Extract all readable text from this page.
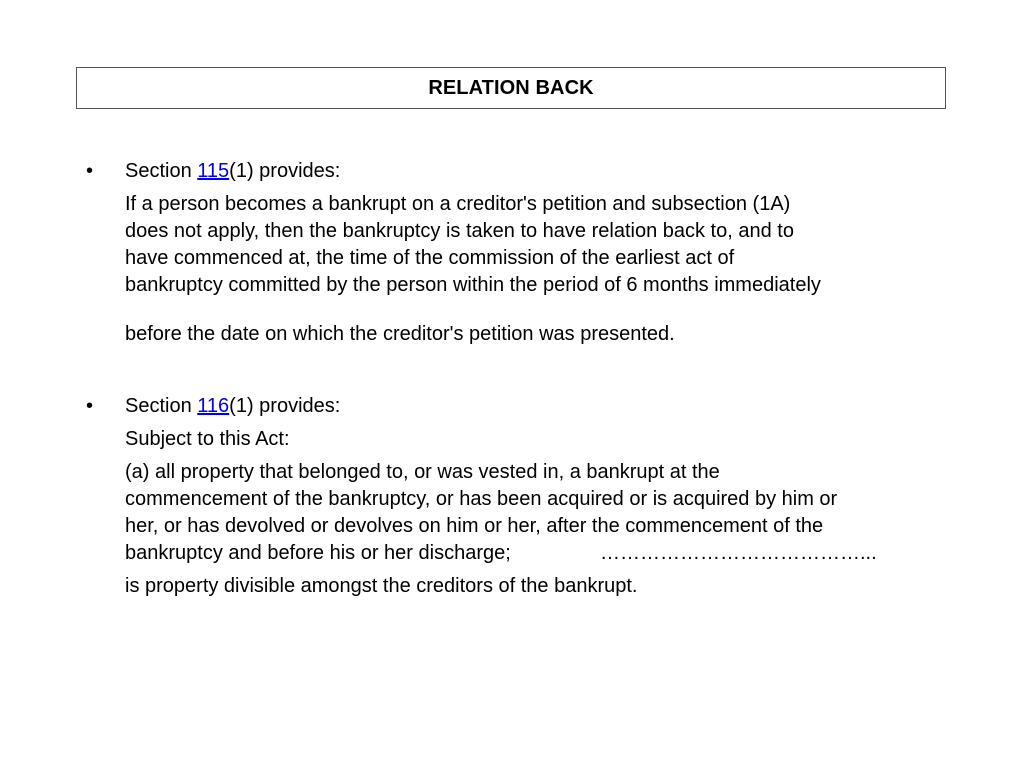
RELATION BACK
• Section 115(1) provides:
If a person becomes a bankrupt on a creditor's petition and subsection (1A)
does not apply, then the bankruptcy is taken to have relation back to, and to
have commenced at, the time of the commission of the earliest act of
bankruptcy committed by the person within the period of 6 months immediately
before the date on which the creditor's petition was presented.
• Section 116(1) provides:
Subject to this Act:
(a) all property that belonged to, or was vested in, a bankrupt at the
commencement of the bankruptcy, or has been acquired or is acquired by him or
her, or has devolved or devolves on him or her, after the commencement of the
bankruptcy and before his or her discharge;	…………………………………...
is property divisible amongst the creditors of the bankrupt.
